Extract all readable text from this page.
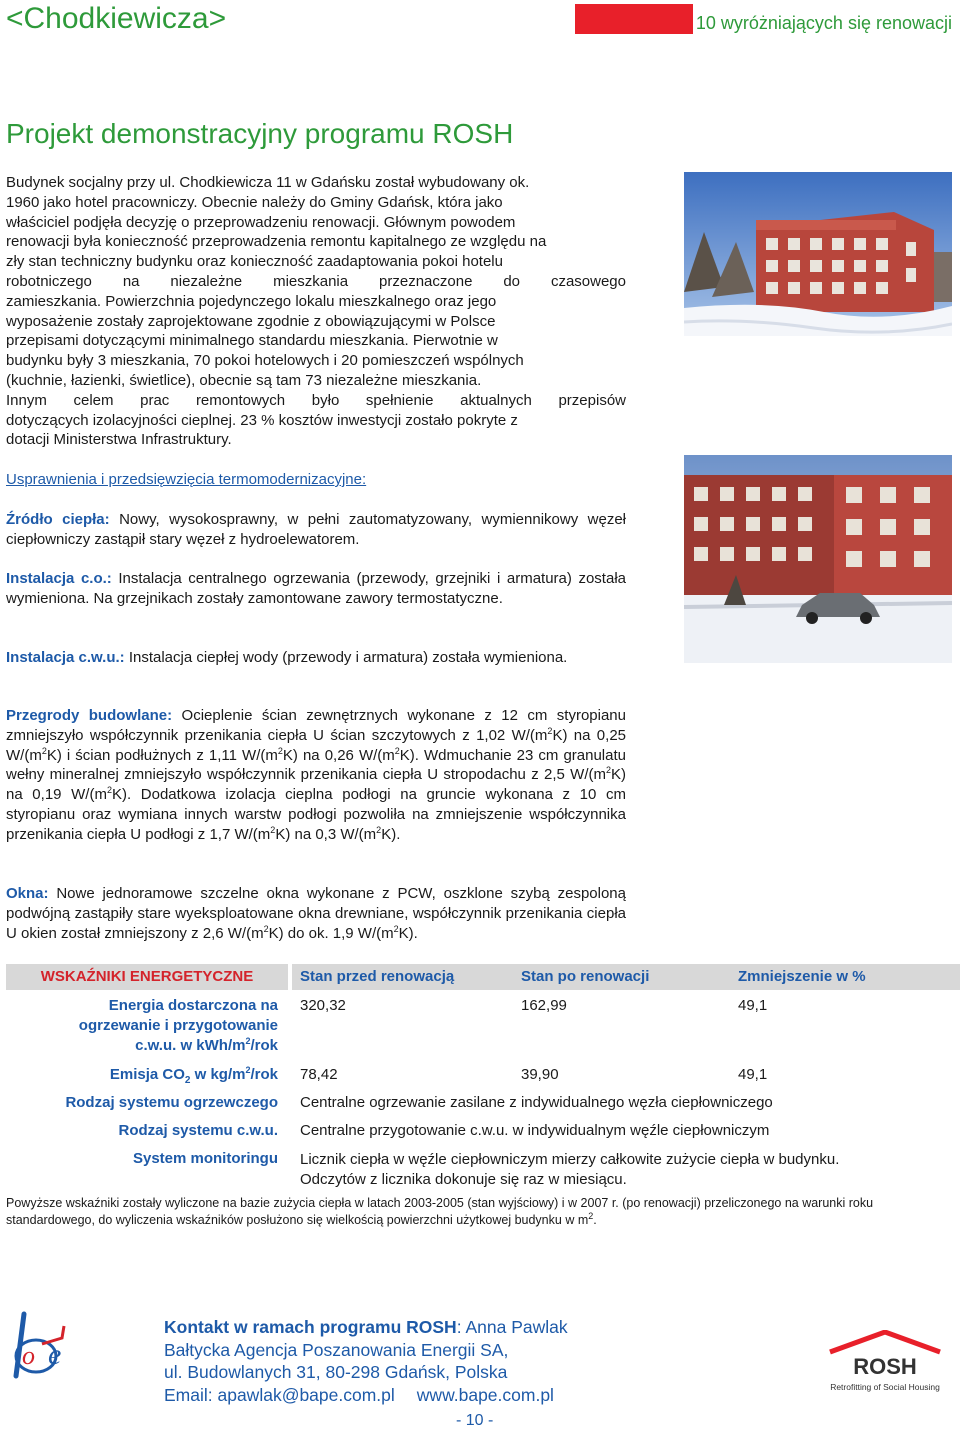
<Chodkiewicza>	10 wyróżniających się renowacji
Projekt demonstracyjny programu ROSH
Budynek socjalny przy ul. Chodkiewicza 11 w Gdańsku został wybudowany ok.
1960 jako hotel pracowniczy. Obecnie należy do Gminy Gdańsk, która jako
właściciel podjęła decyzję o przeprowadzeniu renowacji. Głównym powodem
renowacji była konieczność przeprowadzenia remontu kapitalnego ze względu na
zły stan techniczny budynku oraz konieczność zaadaptowania pokoi hotelu
robotniczego na niezależne mieszkania przeznaczone do czasowego
zamieszkania. Powierzchnia pojedynczego lokalu mieszkalnego oraz jego
wyposażenie zostały zaprojektowane zgodnie z obowiązującymi w Polsce
przepisami dotyczącymi minimalnego standardu mieszkania. Pierwotnie w
budynku były 3 mieszkania, 70 pokoi hotelowych i 20 pomieszczeń wspólnych
(kuchnie, łazienki, świetlice), obecnie są tam 73 niezależne mieszkania.
Innym celem prac remontowych było spełnienie aktualnych przepisów
dotyczących izolacyjności cieplnej. 23 % kosztów inwestycji zostało pokryte z
dotacji Ministerstwa Infrastruktury.
Usprawnienia i przedsięwzięcia termomodernizacyjne:
Źródło ciepła: Nowy, wysokosprawny, w pełni zautomatyzowany, wymiennikowy węzeł ciepłowniczy zastąpił stary węzeł z hydroelewatorem.
Instalacja c.o.: Instalacja centralnego ogrzewania (przewody, grzejniki i armatura) została wymieniona. Na grzejnikach zostały zamontowane zawory termostatyczne.
Instalacja c.w.u.: Instalacja ciepłej wody (przewody i armatura) została wymieniona.
Przegrody budowlane: Ocieplenie ścian zewnętrznych wykonane z 12 cm styropianu zmniejszyło współczynnik przenikania ciepła U ścian szczytowych z 1,02 $W/(m^2K)$ na 0,25 $W/(m^2K)$ i ścian podłużnych z 1,11 $W/(m^2K)$ na 0,26 $W/(m^2K)$. Wdmuchanie 23 cm granulatu wełny mineralnej zmniejszyło współczynnik przenikania ciepła U stropodachu z 2,5 $W/(m^2K)$ na 0,19 $W/(m^2K)$. Dodatkowa izolacja cieplna podłogi na gruncie wykonana z 10 cm styropianu oraz wymiana innych warstw podłogi pozwoliła na zmniejszenie współczynnika przenikania ciepła U podłogi z 1,7 $W/(m^2K)$ na 0,3 $W/(m^2K)$.
Okna: Nowe jednoramowe szczelne okna wykonane z PCW, oszklone szybą zespoloną podwójną zastąpiły stare wyeksploatowane okna drewniane, współczynnik przenikania ciepła U okien został zmniejszony z 2,6 $W/(m^2K)$ do ok. 1,9 $W/(m^2K)$.
WSKAŹNIKI ENERGETYCZNE	Stan przed renowacją	Stan po renowacji	Zmniejszenie w %
Energia dostarczona na
ogrzewanie i przygotowanie
c.w.u. w kWh/$m^2$/rok
320,32	162,99	49,1
Emisja $CO_2$ w $kg/m^2$/rok 78,42	39,90	49,1
Rodzaj systemu ogrzewczego Centralne ogrzewanie zasilane z indywidualnego węzła ciepłowniczego
Rodzaj systemu c.w.u. Centralne przygotowanie c.w.u. w indywidualnym węźle ciepłowniczym
System monitoringu Licznik ciepła w węźle ciepłowniczym mierzy całkowite zużycie ciepła w budynku.
Odczytów z licznika dokonuje się raz w miesiącu.
Powyższe wskaźniki zostały wyliczone na bazie zużycia ciepła w latach 2003-2005 (stan wyjściowy) i w 2007 r. (po renowacji) przeliczonego na warunki roku standardowego, do wyliczenia wskaźników posłużono się wielkością powierzchni użytkowej budynku w $m^2$.
o e
Kontakt w ramach programu ROSH: Anna Pawlak
Bałtycka Agencja Poszanowania Energii SA,
ul. Budowlanych 31, 80-298 Gdańsk, Polska
Email: apawlak@bape.com.pl www.bape.com.pl
ROSH
Retrofitting of Social Housing
- 10 -
